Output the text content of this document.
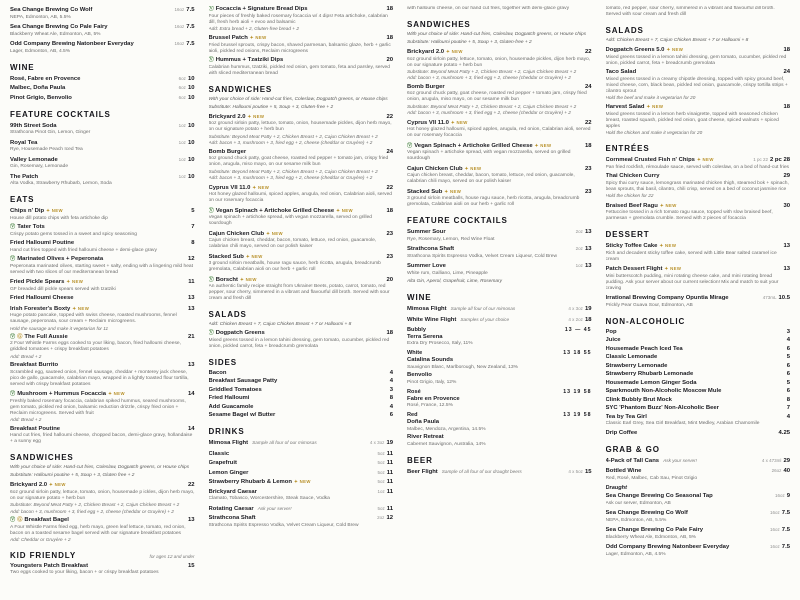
Sea Change Brewing Co Wolf	16oz 7.5
NEPA, Edmonton, AB, 5.5%
Sea Change Brewing Co Pale Fairy	16oz 7.5
Blackberry Wheat Ale, Edmonton, AB, 5%
Odd Company Brewing Natonbeer Everyday	16oz 7.5
Lager, Edmonton, AB, 4.5%
WINE
Rosé, Fabre en Provence	6oz 10
Malbec, Doña Paula	6oz 10
Pinot Grigio, Benvolio	6oz 10
FEATURE COCKTAILS
99th Street Soda	1oz 10
Strathcona Pinot Gin, Lemon, Ginger
Royal Tea	1oz 10
Rye, Housemade Peach Iced Tea
Valley Lemonade	1oz 10
Gin, Rosemary, Lemonade
The Patch	1oz 10
Alta Vodka, Strawberry Rhubarb, Lemon, Soda
EATS
Chips n' Dip ✦ NEW	5
House dill potato chips with feta artichoke dip
Ⓥ Tater Tots	7
Crispy potato gems tossed in a sweet and spicy seasoning
Fried Halloumi Poutine	8
Hand cut fries topped with fried halloumi cheese + demi-glace gravy
Ⓥ Marinated Olives + Peperonata	12
Peperonata marinated olives, starting sweet + salty, ending with a lingering mild heat served with two slices of our mediterranean bread
Fried Pickle Spears ✦ NEW	11
GF breaded dill pickle spears served with tzatziki
Fried Halloumi Cheese	13
Irish Forester's Boxty ✦ NEW	13
Huge potato pancake, topped with swiss cheese, roasted mushrooms, fennel sausage, peperonata, sour cream + Reclaim microgreens.
Hold the sausage and make it vegetarian for 11
Ⓥ Ⓖ The Full Aussie	21
2 Four Whistle Farms eggs cooked to your liking, bacon, fried halloumi cheese, griddled tomatoes + crispy breakfast potatoes
Add: Bread + 2
Breakfast Burrito	13
Scrambled egg, sauteed onion, fennel sausage, cheddar + monterey jack cheese, pico de gallo, guacamole, calabrian mayo, wrapped in a lightly toasted flour tortilla, served with crispy breakfast potatoes
Ⓥ Mushroom + Hummus Focaccia ✦ NEW	14
Freshly baked rosemary focaccia, calabrian spiked hummus, seared mushrooms, gem tomato, pickled red onion, balsamic reduction drizzle, crispy fried onion + Reclaim microgreens. Served with fruit
Add: Bread + 2
Breakfast Poutine	14
Hand cut fries, fried halloumi cheese, chopped bacon, demi-glace gravy, hollandaise + a sunny egg
SANDWICHES
With your choice of side: Hand-cut fries, Coleslaw, Dogpatch greens, or House chips
Substitute: Halloumi poutine + 5, Soup + 3, Gluten free + 2
Brickyard 2.0 ✦ NEW	22
6oz ground sirloin patty, lettuce, tomato, onion, housemade p ickles, dijon herb mayo, on our signature potato + herb bun
Substitute: Beyond Meat Patty + 2, Chicken Breast + 2, Cajun Chicken Breast + 2
Add: bacon + 3, mushroom + 3, fried egg + 2, cheese (cheddar or Gruyère) + 2
Ⓥ Ⓖ Breakfast Bagel	13
A Four Whistle Farms fried egg, herb mayo, green leaf lettuce, tomato, red onion, bacon on a toasted sesame bagel served with our signature breakfast potatoes
Add: Cheddar or Gruyère + 2
KID FRIENDLY	for ages 12 and under
Youngsters Patch Breakfast	15
Two eggs cooked to your liking, bacon + or crispy breakfast potatoes
Ⓥ Focaccia + Signature Bread Dips	18
Four pieces of freshly baked rosemary focaccia w/ 4 dips! Feta artichoke, calabrian dill, fresh herb aioli + evoo and balsamic
Add: Extra bread + 2, Gluten-free bread + 2
Brussel Patch ✦ NEW	18
Fried brussel sprouts, crispy bacon, shaved parmesan, balsamic glaze, herb + garlic aioli, pickled red onions, Reclaim microgreens
Ⓥ Hummus + Tzatziki Dips	20
Calabrian hummus, tzatziki, pickled red onion, gem tomato, feta and parsley, served with sliced mediterranean bread
SANDWICHES
With your choice of side: Hand-cut fries, Coleslaw, Dogpatch greens, or House chips
Substitute: Halloumi poutine + 5, Soup + 3, Gluten-free + 2
Brickyard 2.0 ✦ NEW	22
6oz ground sirloin patty, lettuce, tomato, onion, housemade pickles, dijon herb mayo, on our signature potato + herb bun
Substitute: Beyond Meat Patty + 2, Chicken Breast + 2, Cajun Chicken Breast + 2
Add: bacon + 3, mushroom + 3, fried egg + 2, cheese (cheddar or Gruyère) + 2
Bomb Burger	24
6oz ground chuck patty, goat cheese, roasted red pepper + tomato jam, crispy fried onion, arugula, miso mayo, on our sesame milk bun
Substitute: Beyond Meat Patty + 2, Chicken Breast + 2, Cajun Chicken Breast + 2
Add: bacon + 3, mushroom + 3, fried egg + 2, cheese (cheddar or Gruyère) + 2
Cyprus VII 11.0 ✦ NEW	22
Hot honey glazed halloumi, spiced apples, arugula, red onion, Calabrian aioli, served on our rosemary focaccia
Ⓥ Vegan Spinach + Artichoke Grilled Cheese ✦ NEW	18
Vegan spinach + artichoke spread, with vegan mozzarella, served on grilled sourdough
Cajun Chicken Club ✦ NEW	23
Cajun chicken breast, cheddar, bacon, tomato, lettuce, red onion, guacamole, calabrian chili mayo, served on our polish kaiser
Stacked Sub ✦ NEW	23
3 ground sirloin meatballs, house ragu sauce, herb ricotta, arugula, breadcrumb gremolata, Calabrian aioli on our herb + garlic roll
Ⓥ Borscht ✦ NEW	20
An authentic family recipe straight from Ukraine! Beets, potato, carrot, tomato, red pepper, sour cherry, simmered in a vibrant and flavourful dill broth. Served with sour cream and fresh dill
SALADS
Add: Chicken Breast + 7, Cajun Chicken Breast + 7 or Halloumi + 8
Ⓥ Dogpatch Greens	18
Mixed greens tossed in a lemon tahini dressing, gem tomato, cucumber, pickled red onion, pickled carrot, feta + breadcrumb gremolata
SIDES
Bacon	4
Breakfast Sausage Patty	4
Griddled Tomatoes	3
Fried Halloumi	8
Add Guacamole	4
Sesame Bagel w/ Butter	6
DRINKS
Mimosa Flight Sample all four of our mimosas	4 x 3oz 19
Classic	5oz 11
Grapefruit	5oz 11
Lemon Ginger	5oz 11
Strawberry Rhubarb & Lemon ✦ NEW	5oz 11
Brickyard Caesar	1oz 11
Clamato, Tobasco, Worcestershire, Steak Sauce, Vodka
Rotating Caesar Ask your server!	5oz 11
Strathcona Shaft	2oz 12
Strathcona Spirits Espresso Vodka, Velvet Cream Liqueur, Cold Brew
with halloumi cheese, on our hand cut fries, together with demi-glace gravy
SANDWICHES
With your choice of side: Hand-cut fries, Coleslaw, Dogpatch greens, or House chips
Substitute: Halloumi poutine + 5, Soup + 3, Gluten-free + 2
Brickyard 2.0 ✦ NEW	22
6oz ground sirloin patty, lettuce, tomato, onion, housemade pickles, dijon herb mayo, on our signature potato + herb bun
Substitute: Beyond Meat Patty + 2, Chicken Breast + 2, Cajun Chicken Breast + 2
Add: bacon + 3, mushroom + 3, fried egg + 2, cheese (cheddar or Gruyère) + 2
Bomb Burger	24
6oz ground chuck patty, goat cheese, roasted red pepper + tomato jam, crispy fried onion, arugula, miso mayo, on our sesame milk bun
Substitute: Beyond Meat Patty + 2, Chicken Breast + 2, Cajun Chicken Breast + 2
Add: bacon + 3, mushroom + 3, fried egg + 2, cheese (cheddar or Gruyère) + 2
Cyprus VII 11.0 ✦ NEW	22
Hot honey glazed halloumi, spiced apples, arugula, red onion, Calabrian aioli, served on our rosemary focaccia
Ⓥ Vegan Spinach + Artichoke Grilled Cheese ✦ NEW	18
Vegan spinach + artichoke spread, with vegan mozzarella, served on grilled sourdough
Cajun Chicken Club ✦ NEW	23
Cajun chicken breast, cheddar, bacon, tomato, lettuce, red onion, guacamole, calabrian chili mayo, served on our polish kaiser
Stacked Sub ✦ NEW	23
3 ground sirloin meatballs, house ragu sauce, herb ricotta, arugula, breadcrumb gremolata, Calabrian aioli on our herb + garlic roll
FEATURE COCKTAILS
Summer Sour	2oz 13
Rye, Rosemary, Lemon, Red Wine Float
Strathcona Shaft	2oz 13
Strathcona Spirits Espresso Vodka, Velvet Cream Liqueur, Cold Brew
Summer Love	1oz 13
White rum, Galliano, Lime, Pineapple
Alta Gin, Aperol, Grapefruit, Lime, Rosemary
WINE
Mimosa Flight Sample all four of our mimosas	4 x 3oz 19
White Wine Flight Samples of your choice	4 x 2oz 18
Bubbly	13 — 45
Terra Serena
Extra Dry Prosecco, Italy, 11%
White	13 18 55
Catalina Sounds
Sauvignon Blanc, Marlborough, New Zealand, 13%
Benvolio
Pinot Grigio, Italy, 12%
Rosé	13 19 58
Fabre en Provence
Rosé, France, 12.5%
Red	13 19 58
Doña Paula
Malbec, Mendoza, Argentina, 14.5%
River Retreat
Cabernet Sauvignon, Australia, 14%
BEER
Beer Flight Sample of all four of our draught beers	4 x 5oz 15
tomato, red pepper, sour cherry, simmered in a vibrant and flavourful dill broth. Served with sour cream and fresh dill
SALADS
Add: Chicken Breast + 7, Cajun Chicken Breast + 7 or Halloumi + 8
Dogpatch Greens 5.0 ✦ NEW	18
Mixed greens tossed in a lemon tahini dressing, gem tomato, cucumber, pickled red onion, pickled carrot, feta + breadcrumb gremolata
Taco Salad	24
Mixed greens tossed in a creamy chipotle dressing, topped with spicy ground beef, mixed cheese, corn, black bean, pickled red onion, guacamole, crispy tortilla strips + cilantro sprout
Hold the beef and make it vegetarian for 20
Harvest Salad ✦ NEW	18
Mixed greens tossed in a lemon herb vinaigrette, topped with seasoned chicken breast, roasted squash, pickled red onion, goat cheese, spiced walnuts + spiced apples
Hold the chicken and make it vegetarian for 20
ENTRÉES
Cornmeal Crusted Fish n' Chips ✦ NEW	1 pc 22 2 pc 28
Pan fried rockfish, rémoulade sauce, served with coleslaw, on a bed of hand-cut fries
Thai Chicken Curry	29
Spicy thai curry sauce, lemongrass marinated chicken thigh, steamed bok + spinach, bean sprouts, thai basil, cilantro, chili crisp, served on a bed of coconut jasmine rice
Hold the chicken for 22
Braised Beef Ragu ✦ NEW	30
Fettuccine tossed in a rich tomato ragu sauce, topped with slow braised beef, parmesan + gremolata crumble. Served with 2 pieces of focaccia
DESSERT
Sticky Toffee Cake ✦ NEW	13
Rich and decadent sticky toffee cake, served with Little Bear salted caramel ice cream
Patch Dessert Flight ✦ NEW	13
Mini butterscotch pudding, mini rotating cheese cake, and mini rotating bread pudding. Ask your server about our current selection! Mix and match to suit your craving
Irrational Brewing Company Opuntia Mirage	473mL 10.5
Prickly Pear Guava Sour, Edmonton, AB
NON-ALCOHOLIC
Pop	3
Juice	4
Housemade Peach Iced Tea	6
Classic Lemonade	5
Strawberry Lemonade	6
Strawberry Rhubarb Lemonade	6
Housemade Lemon Ginger Soda	5
Sparkmouth Non-Alcoholic Moscow Mule	6
Clink Bubbly Brut Mock	8
SYC 'Phantom Buzz' Non-Alcoholic Beer	7
Tea by Tea Girl	4
Classic Earl Grey, Sea Girl Breakfast, Mint Medley, Arabian Chamomile
Drip Coffee	4.25
GRAB & GO
4-Pack of Tall Cans Ask your server!	4 x 473ml 29
Bottled Wine	26oz 40
Red, Rosé, Malbec, Cab Sau, Pinot Grigio
Draught
Sea Change Brewing Co Seasonal Tap	16oz 9
Ask our server, Edmonton, AB
Sea Change Brewing Co Wolf	16oz 7.5
NEPA, Edmonton, AB, 5.5%
Sea Change Brewing Co Pale Fairy	16oz 7.5
Blackberry Wheat Ale, Edmonton, AB, 5%
Odd Company Brewing Natonbeer Everyday	16oz 7.5
Lager, Edmonton, AB, 4.5%
